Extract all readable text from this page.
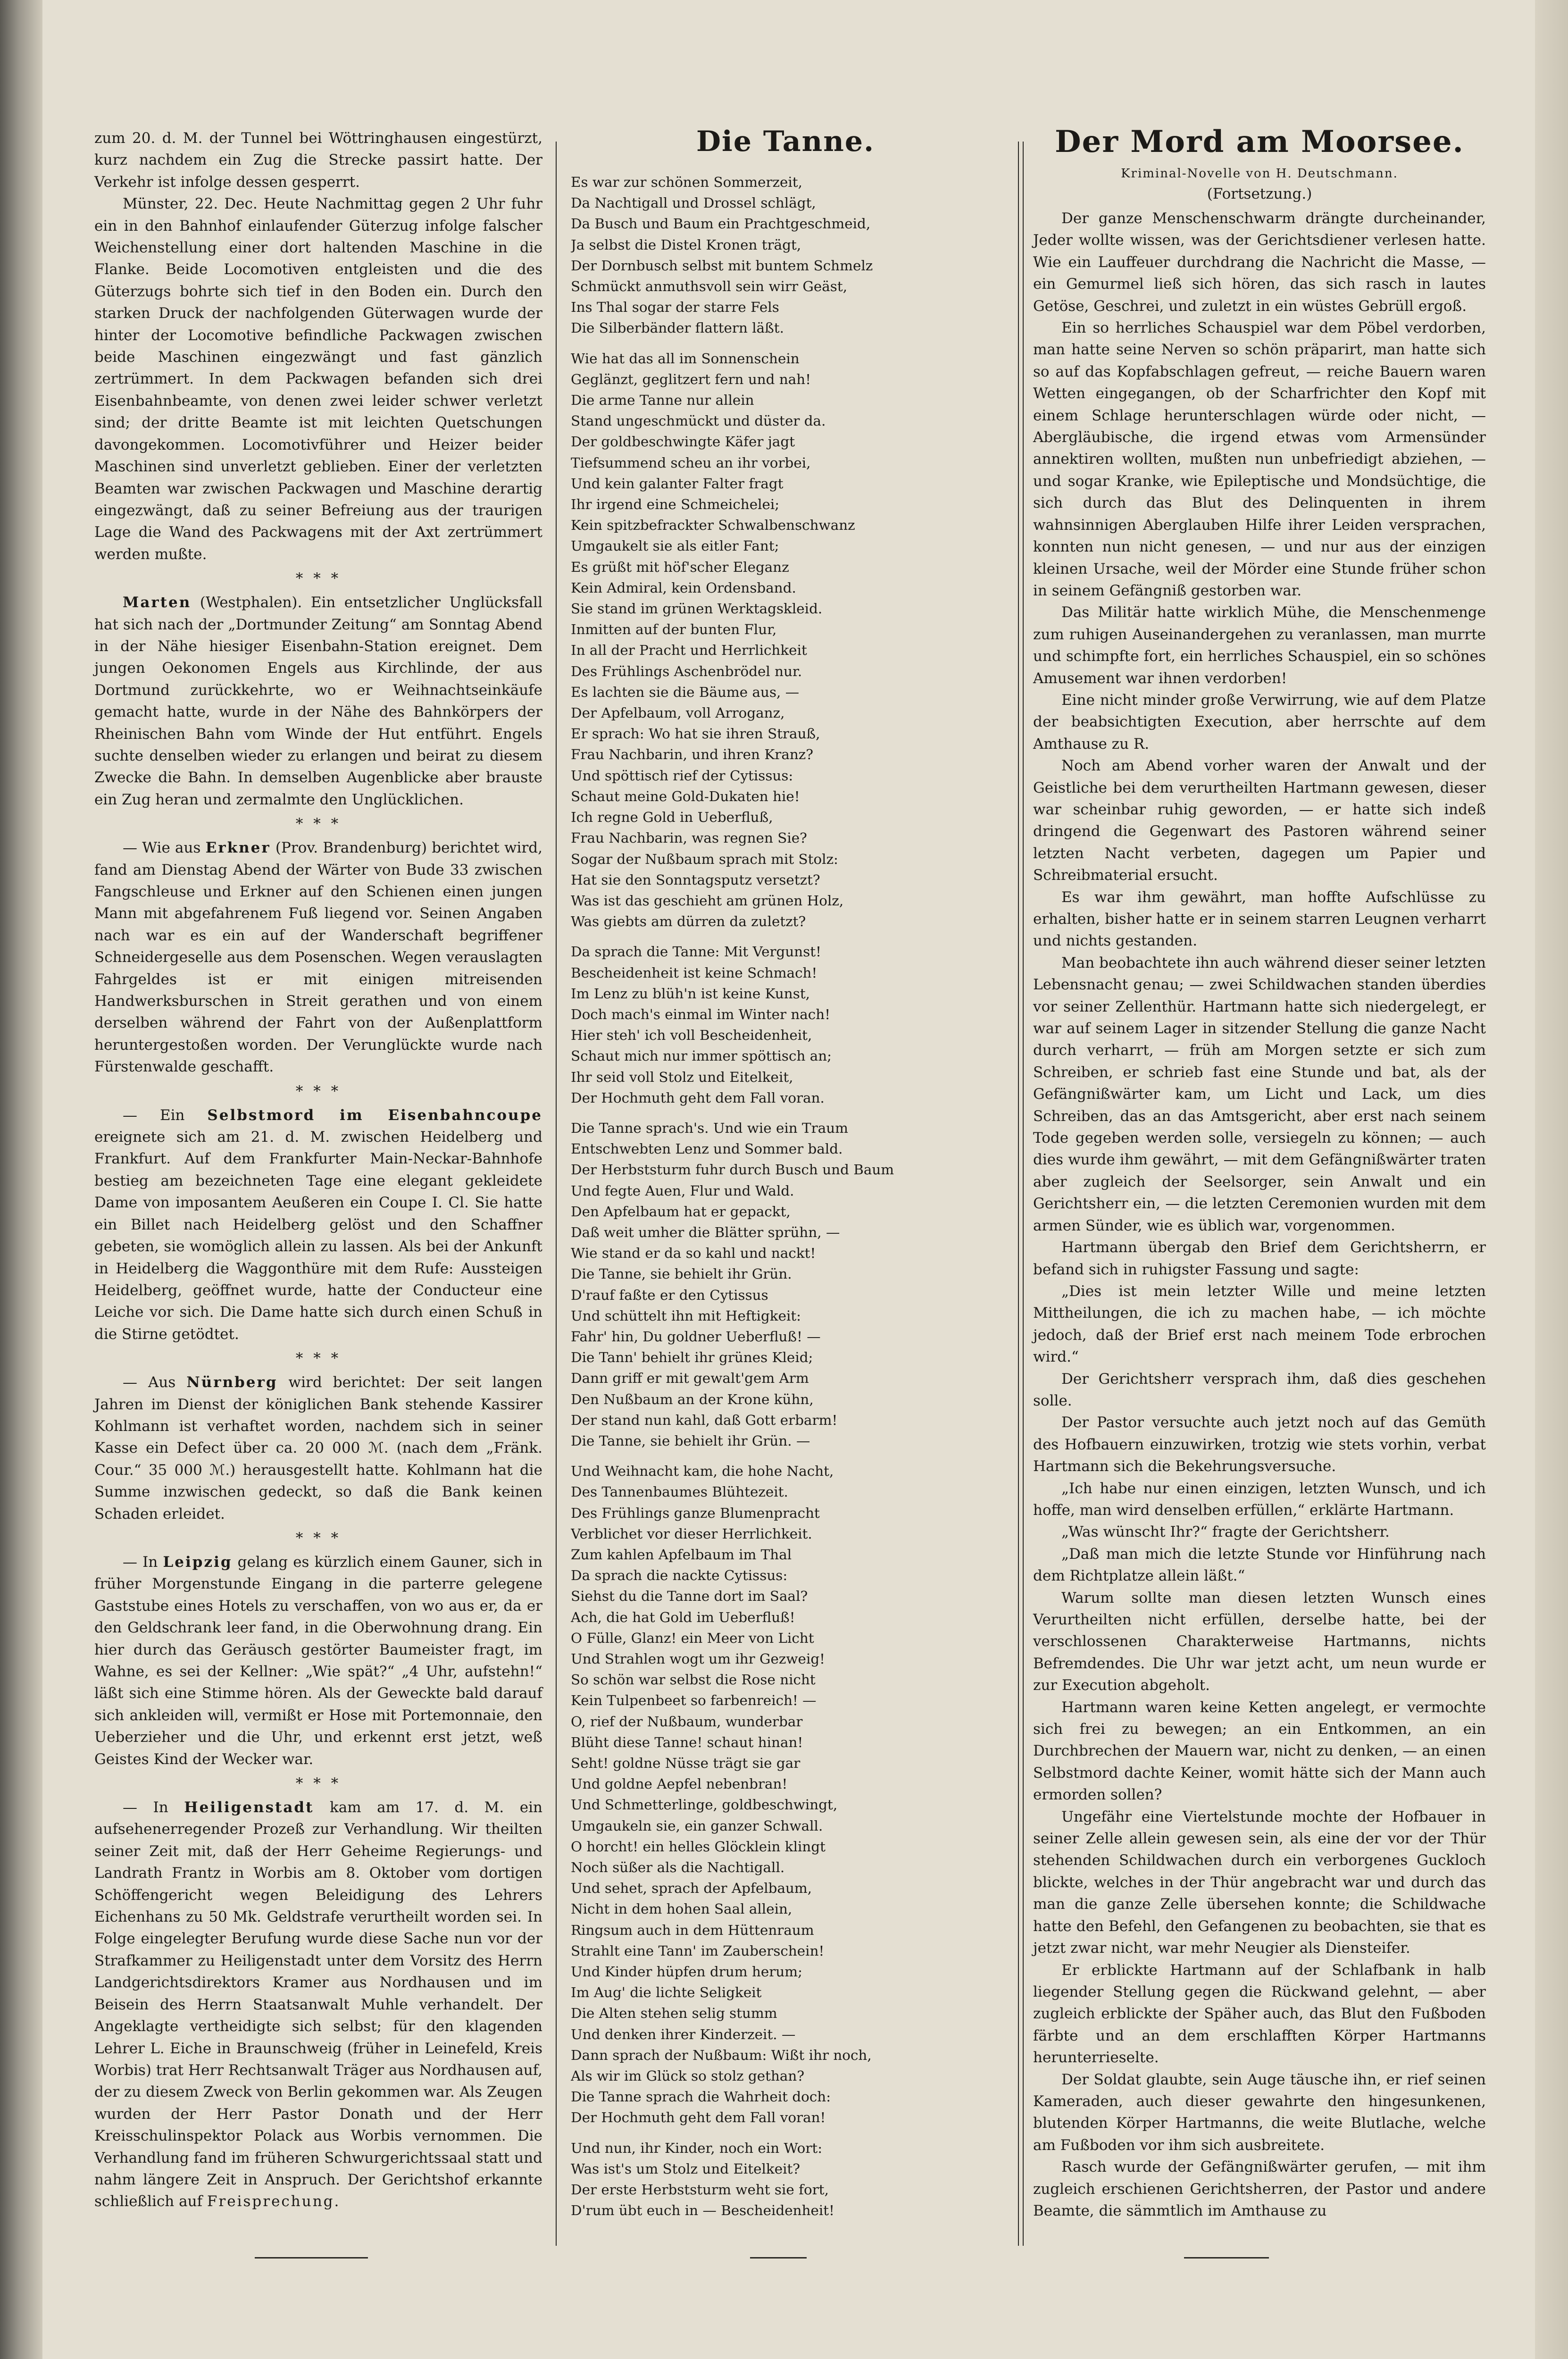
zum 20. d. M. der Tunnel bei Wöttringhausen eingestürzt, kurz nachdem ein Zug die Strecke passirt hatte. Der Verkehr ist infolge dessen gesperrt.

Münster, 22. Dec. Heute Nachmittag gegen 2 Uhr fuhr ein in den Bahnhof einlaufender Güterzug infolge falscher Weichenstellung einer dort haltenden Maschine in die Flanke. Beide Locomotiven entgleisten und die des Güterzugs bohrte sich tief in den Boden ein. Durch den starken Druck der nachfolgenden Güterwagen wurde der hinter der Locomotive befindliche Packwagen zwischen beide Maschinen eingezwängt und fast gänzlich zertrümmert. In dem Packwagen befanden sich drei Eisenbahnbeamte, von denen zwei leider schwer verletzt sind; der dritte Beamte ist mit leichten Quetschungen davongekommen. Locomotivführer und Heizer beider Maschinen sind unverletzt geblieben. Einer der verletzten Beamten war zwischen Packwagen und Maschine derartig eingezwängt, daß zu seiner Befreiung aus der traurigen Lage die Wand des Packwagens mit der Axt zertrümmert werden mußte.

* * *

Marten (Westphalen). Ein entsetzlicher Unglücksfall hat sich nach der „Dortmunder Zeitung“ am Sonntag Abend in der Nähe hiesiger Eisenbahn-Station ereignet. Dem jungen Oekonomen Engels aus Kirchlinde, der aus Dortmund zurückkehrte, wo er Weihnachtseinkäufe gemacht hatte, wurde in der Nähe des Bahnkörpers der Rheinischen Bahn vom Winde der Hut entführt. Engels suchte denselben wieder zu erlangen und beirat zu diesem Zwecke die Bahn. In demselben Augenblicke aber brauste ein Zug heran und zermalmte den Unglücklichen.

* * *

— Wie aus Erkner (Prov. Brandenburg) berichtet wird, fand am Dienstag Abend der Wärter von Bude 33 zwischen Fangschleuse und Erkner auf den Schienen einen jungen Mann mit abgefahrenem Fuß liegend vor. Seinen Angaben nach war es ein auf der Wanderschaft begriffener Schneidergeselle aus dem Posenschen. Wegen verauslagten Fahrgeldes ist er mit einigen mitreisenden Handwerksburschen in Streit gerathen und von einem derselben während der Fahrt von der Außenplattform heruntergestoßen worden. Der Verunglückte wurde nach Fürstenwalde geschafft.

* * *

— Ein Selbstmord im Eisenbahncoupe ereignete sich am 21. d. M. zwischen Heidelberg und Frankfurt. Auf dem Frankfurter Main-Neckar-Bahnhofe bestieg am bezeichneten Tage eine elegant gekleidete Dame von imposantem Aeußeren ein Coupe I. Cl. Sie hatte ein Billet nach Heidelberg gelöst und den Schaffner gebeten, sie womöglich allein zu lassen. Als bei der Ankunft in Heidelberg die Waggonthüre mit dem Rufe: Aussteigen Heidelberg, geöffnet wurde, hatte der Conducteur eine Leiche vor sich. Die Dame hatte sich durch einen Schuß in die Stirne getödtet.

* * *

— Aus Nürnberg wird berichtet: Der seit langen Jahren im Dienst der königlichen Bank stehende Kassirer Kohlmann ist verhaftet worden, nachdem sich in seiner Kasse ein Defect über ca. 20 000 ℳ. (nach dem „Fränk. Cour.“ 35 000 ℳ.) herausgestellt hatte. Kohlmann hat die Summe inzwischen gedeckt, so daß die Bank keinen Schaden erleidet.

* * *

— In Leipzig gelang es kürzlich einem Gauner, sich in früher Morgenstunde Eingang in die parterre gelegene Gaststube eines Hotels zu verschaffen, von wo aus er, da er den Geldschrank leer fand, in die Oberwohnung drang. Ein hier durch das Geräusch gestörter Baumeister fragt, im Wahne, es sei der Kellner: „Wie spät?“ „4 Uhr, aufstehn!“ läßt sich eine Stimme hören. Als der Geweckte bald darauf sich ankleiden will, vermißt er Hose mit Portemonnaie, den Ueberzieher und die Uhr, und erkennt erst jetzt, weß Geistes Kind der Wecker war.

* * *

— In Heiligenstadt kam am 17. d. M. ein aufsehenerregender Prozeß zur Verhandlung. Wir theilten seiner Zeit mit, daß der Herr Geheime Regierungs- und Landrath Frantz in Worbis am 8. Oktober vom dortigen Schöffengericht wegen Beleidigung des Lehrers Eichenhans zu 50 Mk. Geldstrafe verurtheilt worden sei. In Folge eingelegter Berufung wurde diese Sache nun vor der Strafkammer zu Heiligenstadt unter dem Vorsitz des Herrn Landgerichtsdirektors Kramer aus Nordhausen und im Beisein des Herrn Staatsanwalt Muhle verhandelt. Der Angeklagte vertheidigte sich selbst; für den klagenden Lehrer L. Eiche in Braunschweig (früher in Leinefeld, Kreis Worbis) trat Herr Rechtsanwalt Träger aus Nordhausen auf, der zu diesem Zweck von Berlin gekommen war. Als Zeugen wurden der Herr Pastor Donath und der Herr Kreisschulinspektor Polack aus Worbis vernommen. Die Verhandlung fand im früheren Schwurgerichtssaal statt und nahm längere Zeit in Anspruch. Der Gerichtshof erkannte schließlich auf Freisprechung.

Die Tanne.

Es war zur schönen Sommerzeit,

Da Nachtigall und Drossel schlägt,

Da Busch und Baum ein Prachtgeschmeid,

Ja selbst die Distel Kronen trägt,

Der Dornbusch selbst mit buntem Schmelz

Schmückt anmuthsvoll sein wirr Geäst,

Ins Thal sogar der starre Fels

Die Silberbänder flattern läßt.

Wie hat das all im Sonnenschein

Geglänzt, geglitzert fern und nah!

Die arme Tanne nur allein

Stand ungeschmückt und düster da.

Der goldbeschwingte Käfer jagt

Tiefsummend scheu an ihr vorbei,

Und kein galanter Falter fragt

Ihr irgend eine Schmeichelei;

Kein spitzbefrackter Schwalbenschwanz

Umgaukelt sie als eitler Fant;

Es grüßt mit höf'scher Eleganz

Kein Admiral, kein Ordensband.

Sie stand im grünen Werktagskleid.

Inmitten auf der bunten Flur,

In all der Pracht und Herrlichkeit

Des Frühlings Aschenbrödel nur.

Es lachten sie die Bäume aus, —

Der Apfelbaum, voll Arroganz,

Er sprach: Wo hat sie ihren Strauß,

Frau Nachbarin, und ihren Kranz?

Und spöttisch rief der Cytissus:

Schaut meine Gold-Dukaten hie!

Ich regne Gold in Ueberfluß,

Frau Nachbarin, was regnen Sie?

Sogar der Nußbaum sprach mit Stolz:

Hat sie den Sonntagsputz versetzt?

Was ist das geschieht am grünen Holz,

Was giebts am dürren da zuletzt?

Da sprach die Tanne: Mit Vergunst!

Bescheidenheit ist keine Schmach!

Im Lenz zu blüh'n ist keine Kunst,

Doch mach's einmal im Winter nach!

Hier steh' ich voll Bescheidenheit,

Schaut mich nur immer spöttisch an;

Ihr seid voll Stolz und Eitelkeit,

Der Hochmuth geht dem Fall voran.

Die Tanne sprach's. Und wie ein Traum

Entschwebten Lenz und Sommer bald.

Der Herbststurm fuhr durch Busch und Baum

Und fegte Auen, Flur und Wald.

Den Apfelbaum hat er gepackt,

Daß weit umher die Blätter sprühn, —

Wie stand er da so kahl und nackt!

Die Tanne, sie behielt ihr Grün.

D'rauf faßte er den Cytissus

Und schüttelt ihn mit Heftigkeit:

Fahr' hin, Du goldner Ueberfluß! —

Die Tann' behielt ihr grünes Kleid;

Dann griff er mit gewalt'gem Arm

Den Nußbaum an der Krone kühn,

Der stand nun kahl, daß Gott erbarm!

Die Tanne, sie behielt ihr Grün. —

Und Weihnacht kam, die hohe Nacht,

Des Tannenbaumes Blühtezeit.

Des Frühlings ganze Blumenpracht

Verblichet vor dieser Herrlichkeit.

Zum kahlen Apfelbaum im Thal

Da sprach die nackte Cytissus:

Siehst du die Tanne dort im Saal?

Ach, die hat Gold im Ueberfluß!

O Fülle, Glanz! ein Meer von Licht

Und Strahlen wogt um ihr Gezweig!

So schön war selbst die Rose nicht

Kein Tulpenbeet so farbenreich! —

O, rief der Nußbaum, wunderbar

Blüht diese Tanne! schaut hinan!

Seht! goldne Nüsse trägt sie gar

Und goldne Aepfel nebenbran!

Und Schmetterlinge, goldbeschwingt,

Umgaukeln sie, ein ganzer Schwall.

O horcht! ein helles Glöcklein klingt

Noch süßer als die Nachtigall.

Und sehet, sprach der Apfelbaum,

Nicht in dem hohen Saal allein,

Ringsum auch in dem Hüttenraum

Strahlt eine Tann' im Zauberschein!

Und Kinder hüpfen drum herum;

Im Aug' die lichte Seligkeit

Die Alten stehen selig stumm

Und denken ihrer Kinderzeit. —

Dann sprach der Nußbaum: Wißt ihr noch,

Als wir im Glück so stolz gethan?

Die Tanne sprach die Wahrheit doch:

Der Hochmuth geht dem Fall voran!

Und nun, ihr Kinder, noch ein Wort:

Was ist's um Stolz und Eitelkeit?

Der erste Herbststurm weht sie fort,

D'rum übt euch in — Bescheidenheit!

Der Mord am Moorsee.

Kriminal-Novelle von H. Deutschmann.

(Fortsetzung.)

Der ganze Menschenschwarm drängte durcheinander, Jeder wollte wissen, was der Gerichtsdiener verlesen hatte. Wie ein Lauffeuer durchdrang die Nachricht die Masse, — ein Gemurmel ließ sich hören, das sich rasch in lautes Getöse, Geschrei, und zuletzt in ein wüstes Gebrüll ergoß.

Ein so herrliches Schauspiel war dem Pöbel verdorben, man hatte seine Nerven so schön präparirt, man hatte sich so auf das Kopfabschlagen gefreut, — reiche Bauern waren Wetten eingegangen, ob der Scharfrichter den Kopf mit einem Schlage herunterschlagen würde oder nicht, — Abergläubische, die irgend etwas vom Armensünder annektiren wollten, mußten nun unbefriedigt abziehen, — und sogar Kranke, wie Epileptische und Mondsüchtige, die sich durch das Blut des Delinquenten in ihrem wahnsinnigen Aberglauben Hilfe ihrer Leiden versprachen, konnten nun nicht genesen, — und nur aus der einzigen kleinen Ursache, weil der Mörder eine Stunde früher schon in seinem Gefängniß gestorben war.

Das Militär hatte wirklich Mühe, die Menschenmenge zum ruhigen Auseinandergehen zu veranlassen, man murrte und schimpfte fort, ein herrliches Schauspiel, ein so schönes Amusement war ihnen verdorben!

Eine nicht minder große Verwirrung, wie auf dem Platze der beabsichtigten Execution, aber herrschte auf dem Amthause zu R.

Noch am Abend vorher waren der Anwalt und der Geistliche bei dem verurtheilten Hartmann gewesen, dieser war scheinbar ruhig geworden, — er hatte sich indeß dringend die Gegenwart des Pastoren während seiner letzten Nacht verbeten, dagegen um Papier und Schreibmaterial ersucht.

Es war ihm gewährt, man hoffte Aufschlüsse zu erhalten, bisher hatte er in seinem starren Leugnen verharrt und nichts gestanden.

Man beobachtete ihn auch während dieser seiner letzten Lebensnacht genau; — zwei Schildwachen standen überdies vor seiner Zellenthür. Hartmann hatte sich niedergelegt, er war auf seinem Lager in sitzender Stellung die ganze Nacht durch verharrt, — früh am Morgen setzte er sich zum Schreiben, er schrieb fast eine Stunde und bat, als der Gefängnißwärter kam, um Licht und Lack, um dies Schreiben, das an das Amtsgericht, aber erst nach seinem Tode gegeben werden solle, versiegeln zu können; — auch dies wurde ihm gewährt, — mit dem Gefängnißwärter traten aber zugleich der Seelsorger, sein Anwalt und ein Gerichtsherr ein, — die letzten Ceremonien wurden mit dem armen Sünder, wie es üblich war, vorgenommen.

Hartmann übergab den Brief dem Gerichtsherrn, er befand sich in ruhigster Fassung und sagte:

„Dies ist mein letzter Wille und meine letzten Mittheilungen, die ich zu machen habe, — ich möchte jedoch, daß der Brief erst nach meinem Tode erbrochen wird.“

Der Gerichtsherr versprach ihm, daß dies geschehen solle.

Der Pastor versuchte auch jetzt noch auf das Gemüth des Hofbauern einzuwirken, trotzig wie stets vorhin, verbat Hartmann sich die Bekehrungsversuche.

„Ich habe nur einen einzigen, letzten Wunsch, und ich hoffe, man wird denselben erfüllen,“ erklärte Hartmann.

„Was wünscht Ihr?“ fragte der Gerichtsherr.

„Daß man mich die letzte Stunde vor Hinführung nach dem Richtplatze allein läßt.“

Warum sollte man diesen letzten Wunsch eines Verurtheilten nicht erfüllen, derselbe hatte, bei der verschlossenen Charakterweise Hartmanns, nichts Befremdendes. Die Uhr war jetzt acht, um neun wurde er zur Execution abgeholt.

Hartmann waren keine Ketten angelegt, er vermochte sich frei zu bewegen; an ein Entkommen, an ein Durchbrechen der Mauern war, nicht zu denken, — an einen Selbstmord dachte Keiner, womit hätte sich der Mann auch ermorden sollen?

Ungefähr eine Viertelstunde mochte der Hofbauer in seiner Zelle allein gewesen sein, als eine der vor der Thür stehenden Schildwachen durch ein verborgenes Guckloch blickte, welches in der Thür angebracht war und durch das man die ganze Zelle übersehen konnte; die Schildwache hatte den Befehl, den Gefangenen zu beobachten, sie that es jetzt zwar nicht, war mehr Neugier als Diensteifer.

Er erblickte Hartmann auf der Schlafbank in halb liegender Stellung gegen die Rückwand gelehnt, — aber zugleich erblickte der Späher auch, das Blut den Fußboden färbte und an dem erschlafften Körper Hartmanns herunterrieselte.

Der Soldat glaubte, sein Auge täusche ihn, er rief seinen Kameraden, auch dieser gewahrte den hingesunkenen, blutenden Körper Hartmanns, die weite Blutlache, welche am Fußboden vor ihm sich ausbreitete.

Rasch wurde der Gefängnißwärter gerufen, — mit ihm zugleich erschienen Gerichtsherren, der Pastor und andere Beamte, die sämmtlich im Amthause zu
